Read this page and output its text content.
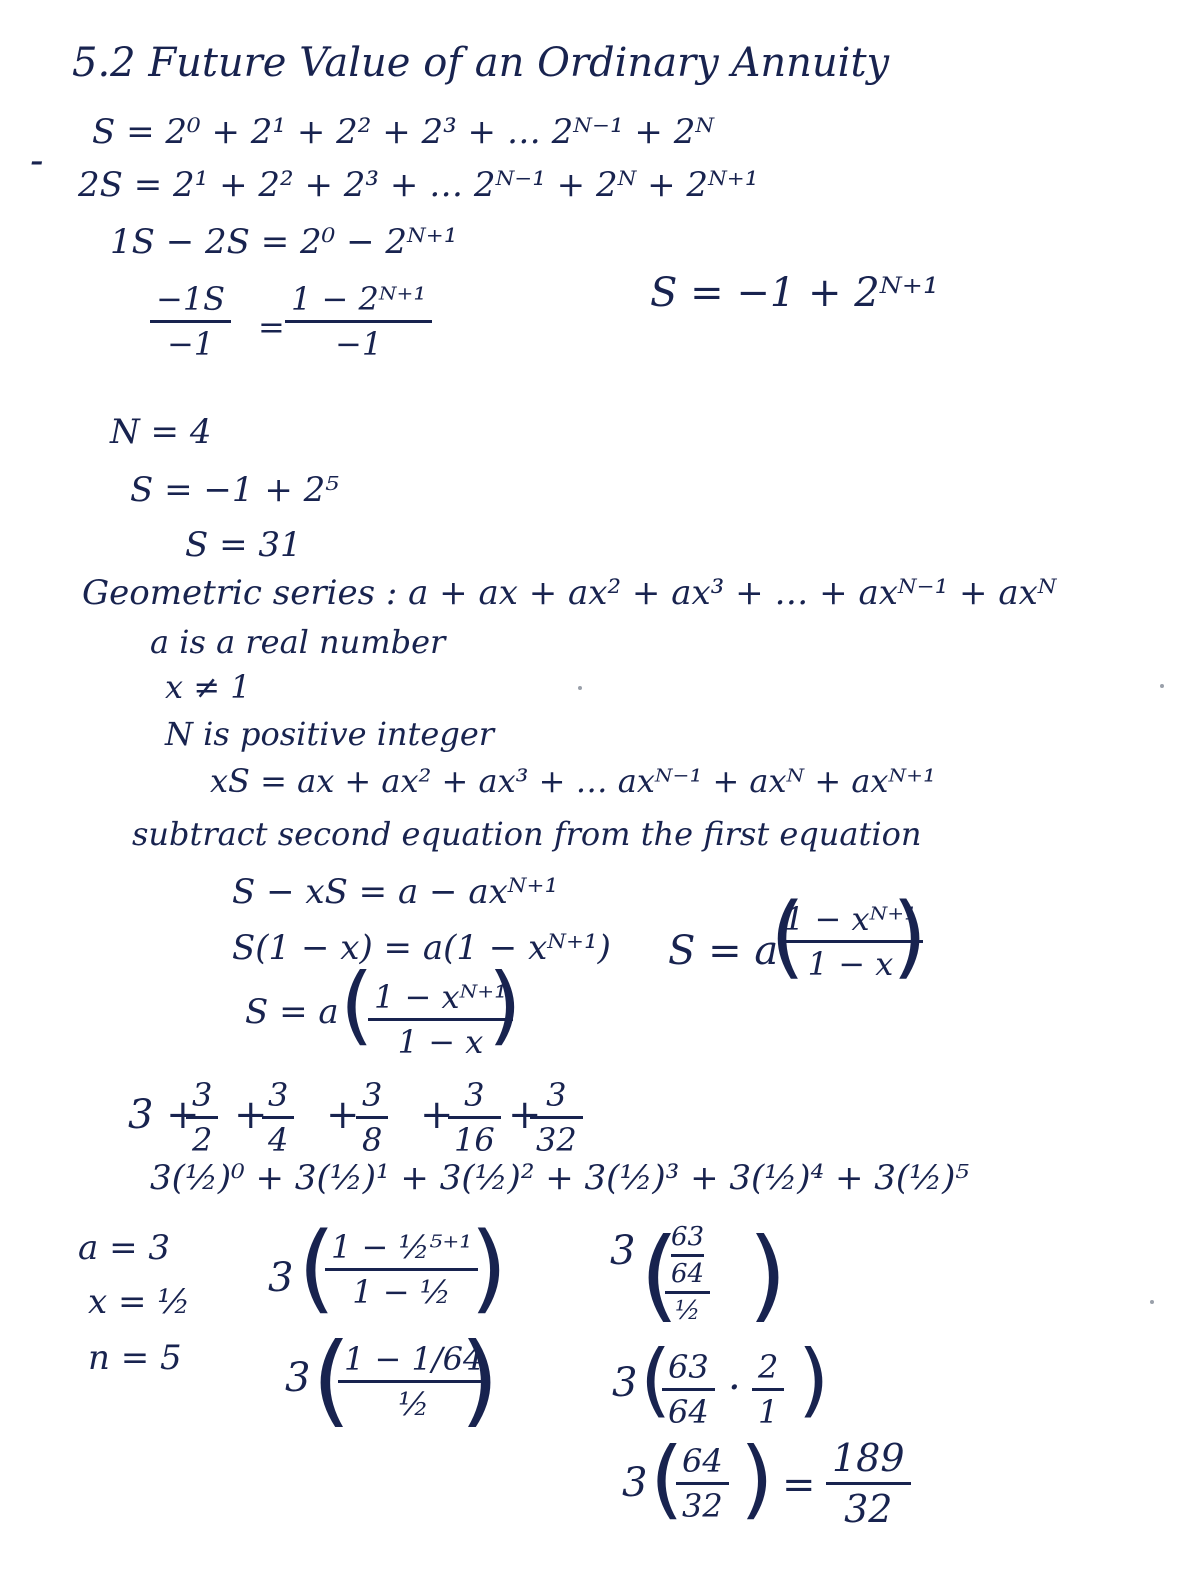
5.2 Future Value of an Ordinary Annuity
-
S = 2⁰ + 2¹ + 2² + 2³ + … 2ᴺ⁻¹ + 2ᴺ
2S = 2¹ + 2² + 2³ + … 2ᴺ⁻¹ + 2ᴺ + 2ᴺ⁺¹
1S − 2S = 2⁰ − 2ᴺ⁺¹
−1S
−1	=
1 − 2ᴺ⁺¹
−1
S = −1 + 2ᴺ⁺¹
N = 4
S = −1 + 2⁵
S = 31
Geometric series : a + ax + ax² + ax³ + … + axᴺ⁻¹ + axᴺ
a is a real number
x ≠ 1
N is positive integer
xS = ax + ax² + ax³ + … axᴺ⁻¹ + axᴺ + axᴺ⁺¹
subtract second equation from the first equation
S − xS = a − axᴺ⁺¹
S(1 − x) = a(1 − xᴺ⁺¹)
S = a ( 1 − xᴺ⁺¹
1 − x )
S = a
(
1 − xᴺ⁺¹
1 − x
)
3 +
3
2
+ 3
4
+ 3
8
+ 3
16
+ 3
32
3(½)⁰ + 3(½)¹ + 3(½)² + 3(½)³ + 3(½)⁴ + 3(½)⁵
a = 3
x = ½
n = 5
3 (
1 − ½⁵⁺¹
1 − ½ )	3 (
63
64
½ )
3 (
1 − 1/64
½ )	3 (
63
64
· 2
1 )
3 (
64
32 ) =
189
32
